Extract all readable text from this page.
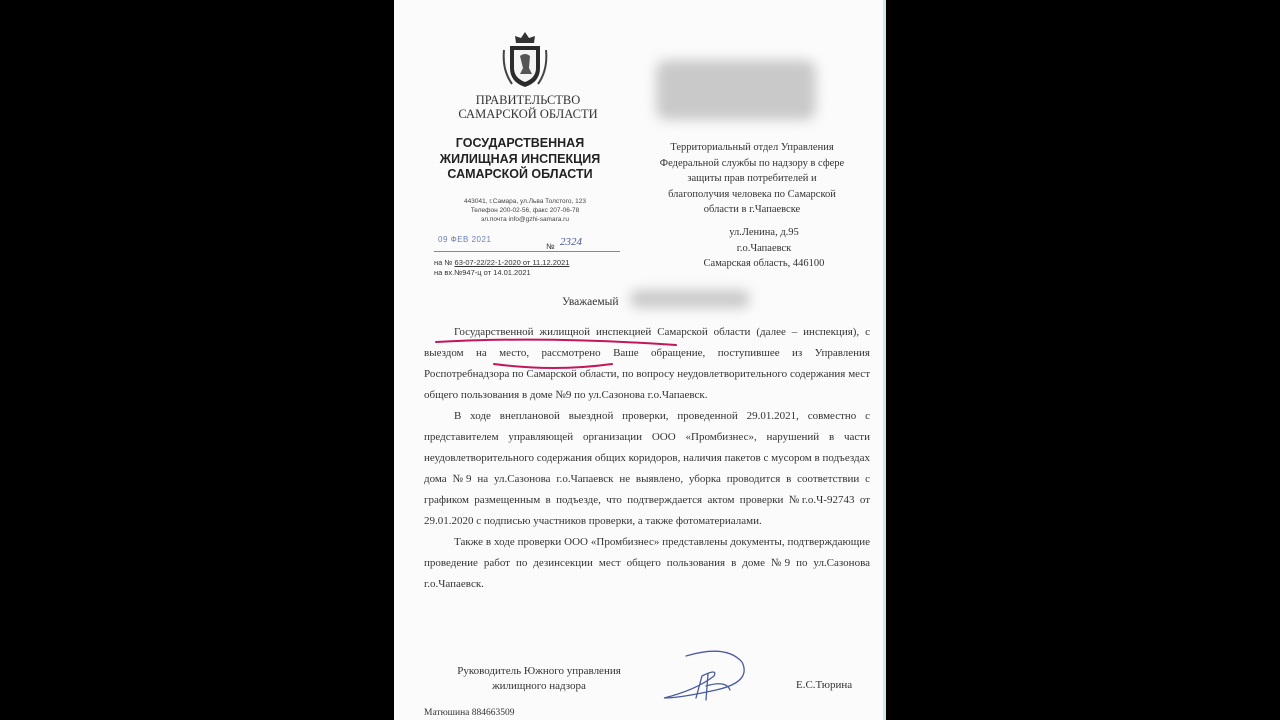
ПРАВИТЕЛЬСТВО
САМАРСКОЙ ОБЛАСТИ
ГОСУДАРСТВЕННАЯ
ЖИЛИЩНАЯ ИНСПЕКЦИЯ
САМАРСКОЙ ОБЛАСТИ
443041, г.Самара, ул.Льва Толстого, 123
Телефон 200-02-56, факс 207-06-78
эл.почта info@gzhi-samara.ru
09 ФЕВ 2021
№ 2324
на № 63-07-22/22-1-2020 от 11.12.2021
на вх.№947-ц от 14.01.2021
Территориальный отдел Управления
Федеральной службы по надзору в сфере
защиты прав потребителей и
благополучия человека по Самарской
области в г.Чапаевске
ул.Ленина, д.95
г.о.Чапаевск
Самарская область, 446100
Уважаемый

Государственной жилищной инспекцией Самарской области (далее – инспекция), с выездом на место, рассмотрено Ваше обращение, поступившее из Управления Роспотребнадзора по Самарской области, по вопросу неудовлетворительного содержания мест общего пользования в доме №9 по ул.Сазонова г.о.Чапаевск.

В ходе внеплановой выездной проверки, проведенной 29.01.2021, совместно с представителем управляющей организации ООО «Промбизнес», нарушений в части неудовлетворительного содержания общих коридоров, наличия пакетов с мусором в подъездах дома №9 на ул.Сазонова г.о.Чапаевск не выявлено, уборка проводится в соответствии с графиком размещенным в подъезде, что подтверждается актом проверки №г.о.Ч-92743 от 29.01.2020 с подписью участников проверки, а также фотоматериалами.

Также в ходе проверки ООО «Промбизнес» представлены документы, подтверждающие проведение работ по дезинсекции мест общего пользования в доме №9 по ул.Сазонова г.о.Чапаевск.

Руководитель Южного управления
жилищного надзора	Е.С.Тюрина
Матюшина 884663509
